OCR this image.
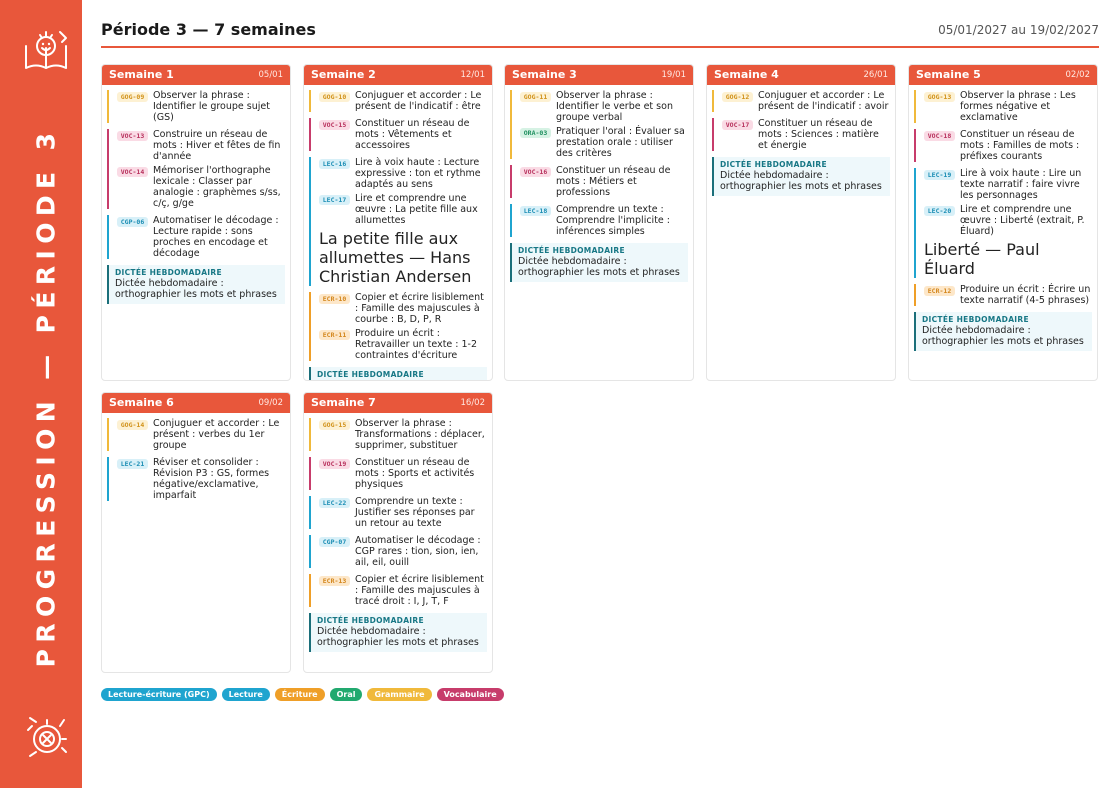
PROGRESSION — PÉRIODE 3
Période 3 — 7 semaines	05/01/2027 au 19/02/2027
Semaine 1	05/01
GOG-09 Observer la phrase : Identifier le groupe sujet (GS)
VOC-13 Construire un réseau de mots : Hiver et fêtes de fin d'année
VOC-14 Mémoriser l'orthographe lexicale : Classer par analogie : graphèmes s/ss, c/ç, g/ge
CGP-06 Automatiser le décodage : Lecture rapide : sons proches en encodage et décodage
DICTÉE HEBDOMADAIRE
Dictée hebdomadaire : orthographier les mots et phrases
Semaine 2	12/01
GOG-10 Conjuguer et accorder : Le présent de l'indicatif : être
VOC-15 Constituer un réseau de mots : Vêtements et accessoires
LEC-16 Lire à voix haute : Lecture expressive : ton et rythme adaptés au sens
LEC-17 Lire et comprendre une œuvre : La petite fille aux allumettes
La petite fille aux allumettes — Hans Christian Andersen
ECR-10 Copier et écrire lisiblement : Famille des majuscules à courbe : B, D, P, R
ECR-11 Produire un écrit : Retravailler un texte : 1-2 contraintes d'écriture
DICTÉE HEBDOMADAIRE
Semaine 3	19/01
GOG-11 Observer la phrase : Identifier le verbe et son groupe verbal
ORA-03 Pratiquer l'oral : Évaluer sa prestation orale : utiliser des critères
VOC-16 Constituer un réseau de mots : Métiers et professions
LEC-18 Comprendre un texte : Comprendre l'implicite : inférences simples
DICTÉE HEBDOMADAIRE
Dictée hebdomadaire : orthographier les mots et phrases
Semaine 4	26/01
GOG-12 Conjuguer et accorder : Le présent de l'indicatif : avoir
VOC-17 Constituer un réseau de mots : Sciences : matière et énergie
DICTÉE HEBDOMADAIRE
Dictée hebdomadaire : orthographier les mots et phrases
Semaine 5	02/02
GOG-13 Observer la phrase : Les formes négative et exclamative
VOC-18 Constituer un réseau de mots : Familles de mots : préfixes courants
LEC-19 Lire à voix haute : Lire un texte narratif : faire vivre les personnages
LEC-20 Lire et comprendre une œuvre : Liberté (extrait, P. Éluard)
Liberté — Paul Éluard
ECR-12 Produire un écrit : Écrire un texte narratif (4-5 phrases)
DICTÉE HEBDOMADAIRE
Dictée hebdomadaire : orthographier les mots et phrases
Semaine 6	09/02
GOG-14 Conjuguer et accorder : Le présent : verbes du 1er groupe
LEC-21 Réviser et consolider : Révision P3 : GS, formes négative/exclamative, imparfait
Semaine 7	16/02
GOG-15 Observer la phrase : Transformations : déplacer, supprimer, substituer
VOC-19 Constituer un réseau de mots : Sports et activités physiques
LEC-22 Comprendre un texte : Justifier ses réponses par un retour au texte
CGP-07 Automatiser le décodage : CGP rares : tion, sion, ien, ail, eil, ouill
ECR-13 Copier et écrire lisiblement : Famille des majuscules à tracé droit : I, J, T, F
DICTÉE HEBDOMADAIRE
Dictée hebdomadaire : orthographier les mots et phrases
Lecture-écriture (GPC)	Lecture	Écriture	Oral	Grammaire	Vocabulaire
